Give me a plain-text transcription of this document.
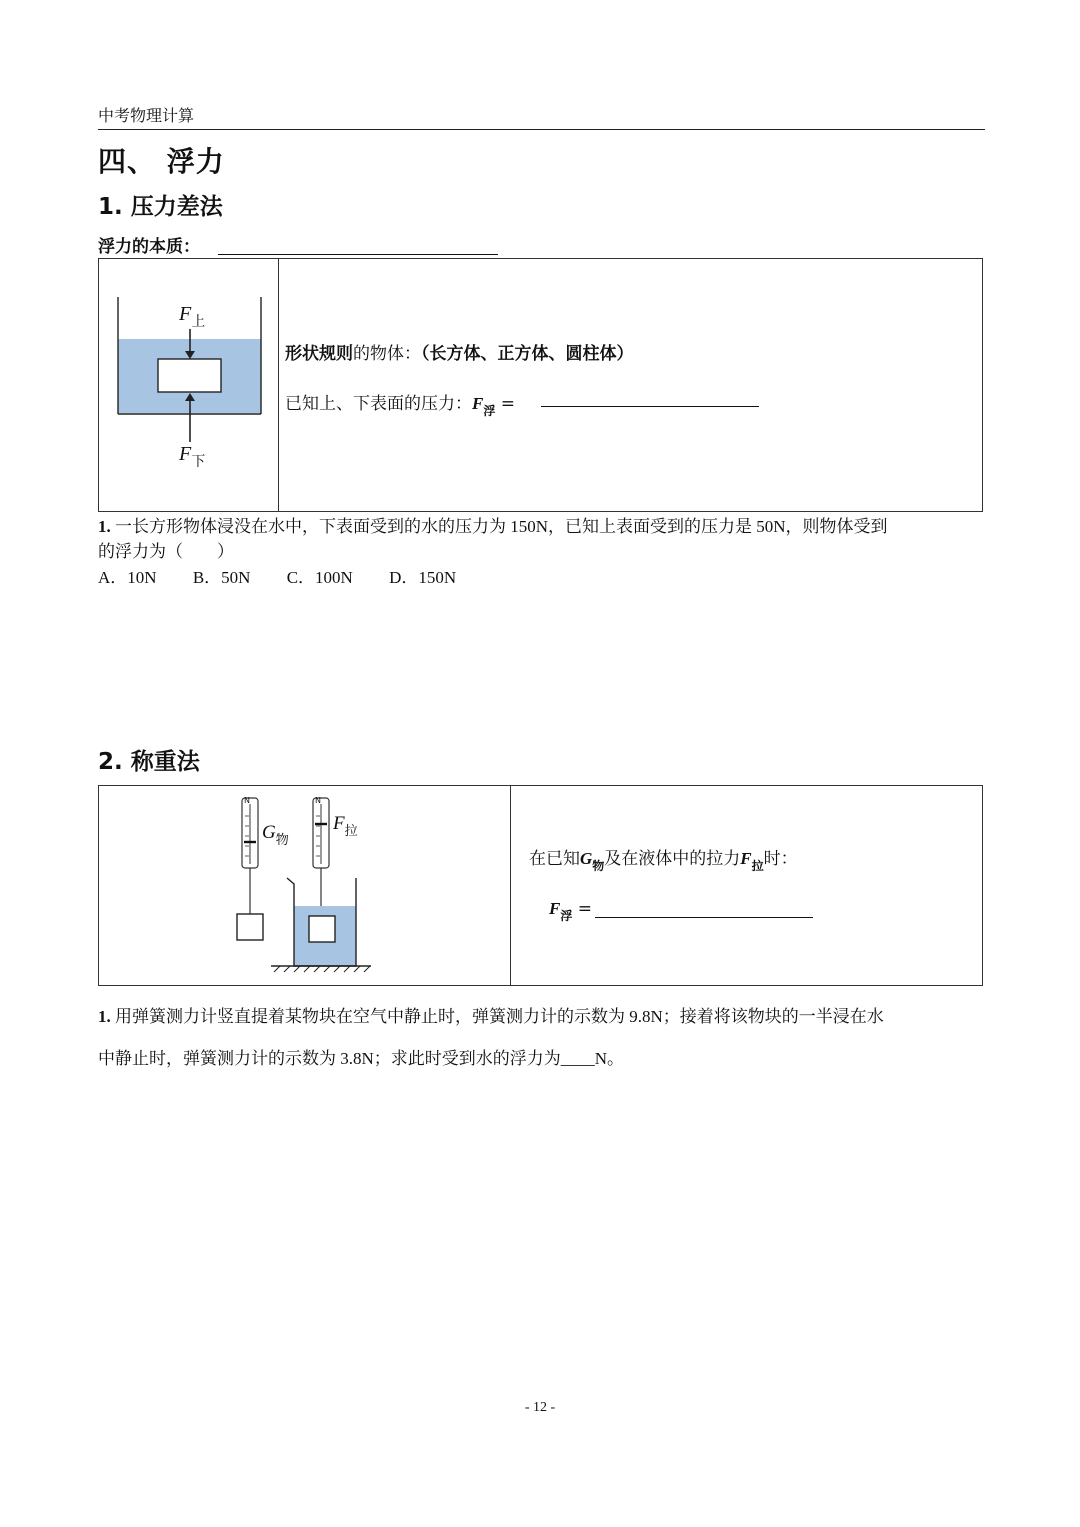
中考物理计算
四、 浮力
1. 压力差法
浮力的本质：
$F_上$
$F_下$
形状规则的物体：（长方体、正方体、圆柱体）
已知上、下表面的压力：$F_浮$ =
1. 一长方形物体浸没在水中，下表面受到的水的压力为 150N，已知上表面受到的压力是 50N，则物体受到
的浮力为（　　）
A．10N B．50N C．100N D．150N
2. 称重法
N	N
$G_物$
$F_拉$
在已知$G_物$及在液体中的拉力$F_拉$时：
$F_浮$ =
1. 用弹簧测力计竖直提着某物块在空气中静止时，弹簧测力计的示数为 9.8N；接着将该物块的一半浸在水
中静止时，弹簧测力计的示数为 3.8N；求此时受到水的浮力为____N。
- 12 -
